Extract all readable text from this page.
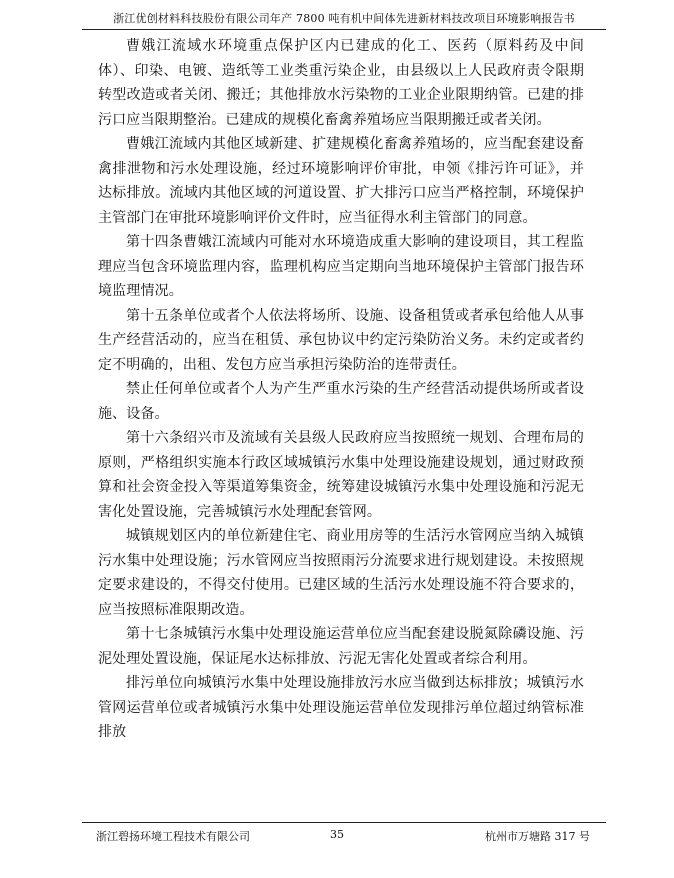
浙江优创材料科技股份有限公司年产 7800 吨有机中间体先进新材料技改项目环境影响报告书

曹娥江流域水环境重点保护区内已建成的化工、医药（原料药及中间体）、印染、电镀、造纸等工业类重污染企业，由县级以上人民政府责令限期转型改造或者关闭、搬迁；其他排放水污染物的工业企业限期纳管。已建的排污口应当限期整治。已建成的规模化畜禽养殖场应当限期搬迁或者关闭。

曹娥江流域内其他区域新建、扩建规模化畜禽养殖场的，应当配套建设畜禽排泄物和污水处理设施，经过环境影响评价审批，申领《排污许可证》，并达标排放。流域内其他区域的河道设置、扩大排污口应当严格控制，环境保护主管部门在审批环境影响评价文件时，应当征得水利主管部门的同意。

第十四条曹娥江流域内可能对水环境造成重大影响的建设项目，其工程监理应当包含环境监理内容，监理机构应当定期向当地环境保护主管部门报告环境监理情况。

第十五条单位或者个人依法将场所、设施、设备租赁或者承包给他人从事生产经营活动的，应当在租赁、承包协议中约定污染防治义务。未约定或者约定不明确的，出租、发包方应当承担污染防治的连带责任。

禁止任何单位或者个人为产生严重水污染的生产经营活动提供场所或者设施、设备。

第十六条绍兴市及流域有关县级人民政府应当按照统一规划、合理布局的原则，严格组织实施本行政区域城镇污水集中处理设施建设规划，通过财政预算和社会资金投入等渠道筹集资金，统筹建设城镇污水集中处理设施和污泥无害化处置设施，完善城镇污水处理配套管网。

城镇规划区内的单位新建住宅、商业用房等的生活污水管网应当纳入城镇污水集中处理设施；污水管网应当按照雨污分流要求进行规划建设。未按照规定要求建设的，不得交付使用。已建区域的生活污水处理设施不符合要求的，应当按照标准限期改造。

第十七条城镇污水集中处理设施运营单位应当配套建设脱氮除磷设施、污泥处理处置设施，保证尾水达标排放、污泥无害化处置或者综合利用。

排污单位向城镇污水集中处理设施排放污水应当做到达标排放；城镇污水管网运营单位或者城镇污水集中处理设施运营单位发现排污单位超过纳管标准排放

浙江碧扬环境工程技术有限公司	35	杭州市万塘路 317 号
